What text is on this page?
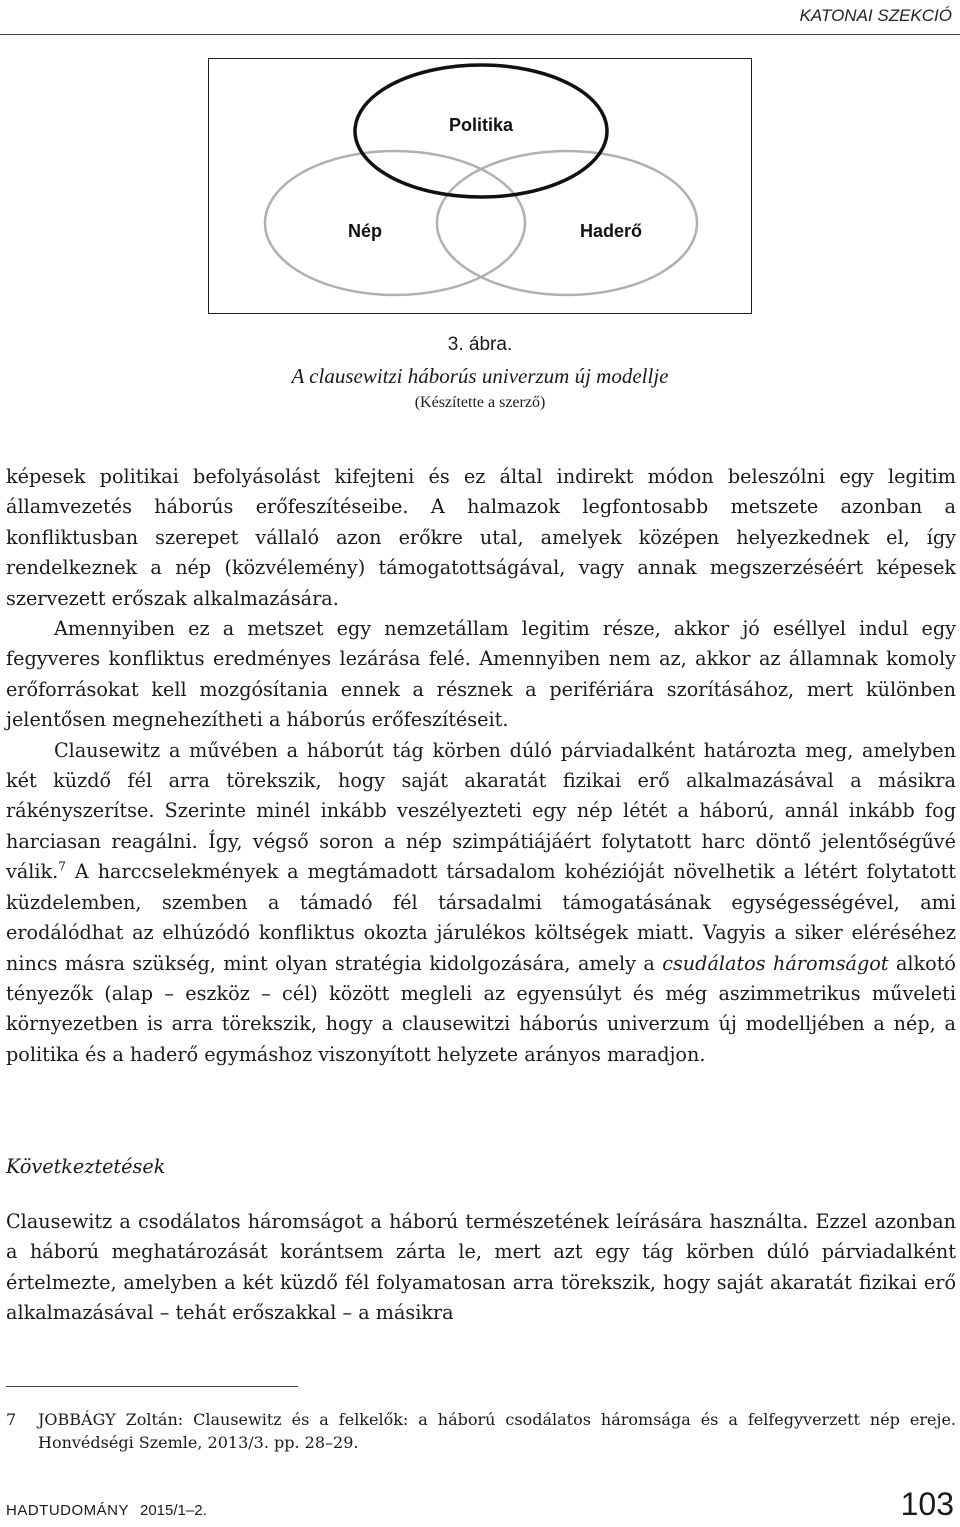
KATONAI SZEKCIÓ
Politika
Nép	Haderő
3. ábra.
A clausewitzi háborús univerzum új modellje
(Készítette a szerző)

képesek politikai befolyásolást kifejteni és ez által indirekt módon beleszólni egy legitim államvezetés háborús erőfeszítéseibe. A halmazok legfontosabb metszete azonban a konfliktusban szerepet vállaló azon erőkre utal, amelyek középen helyezkednek el, így rendelkeznek a nép (közvélemény) támogatottságával, vagy annak megszerzéséért képesek szervezett erőszak alkalmazására.

Amennyiben ez a metszet egy nemzetállam legitim része, akkor jó eséllyel indul egy fegyveres konfliktus eredményes lezárása felé. Amennyiben nem az, akkor az államnak komoly erőforrásokat kell mozgósítania ennek a résznek a perifériára szorításához, mert különben jelentősen megnehezítheti a háborús erőfeszítéseit.

Clausewitz a művében a háborút tág körben dúló párviadalként határozta meg, amelyben két küzdő fél arra törekszik, hogy saját akaratát fizikai erő alkalmazásával a másikra rákényszerítse. Szerinte minél inkább veszélyezteti egy nép létét a háború, annál inkább fog harciasan reagálni. Így, végső soron a nép szimpátiájáért folytatott harc döntő jelentőségűvé válik.$^7$ A harccselekmények a megtámadott társadalom kohézióját növelhetik a létért folytatott küzdelemben, szemben a támadó fél társadalmi támogatásának egységességével, ami erodálódhat az elhúzódó konfliktus okozta járulékos költségek miatt. Vagyis a siker eléréséhez nincs másra szükség, mint olyan stratégia kidolgozására, amely a csudálatos háromságot alkotó tényezők (alap – eszköz – cél) között megleli az egyensúlyt és még aszimmetrikus műveleti környezetben is arra törekszik, hogy a clausewitzi háborús univerzum új modelljében a nép, a politika és a haderő egymáshoz viszonyított helyzete arányos maradjon.

Következtetések

Clausewitz a csodálatos háromságot a háború természetének leírására használta. Ezzel azonban a háború meghatározását korántsem zárta le, mert azt egy tág körben dúló párviadalként értelmezte, amelyben a két küzdő fél folyamatosan arra törekszik, hogy saját akaratát fizikai erő alkalmazásával – tehát erőszakkal – a másikra

7 JOBBÁGY Zoltán: Clausewitz és a felkelők: a háború csodálatos háromsága és a felfegyverzett nép ereje. Honvédségi Szemle, 2013/3. pp. 28–29.
HADTUDOMÁNY 2015/1–2.	103
